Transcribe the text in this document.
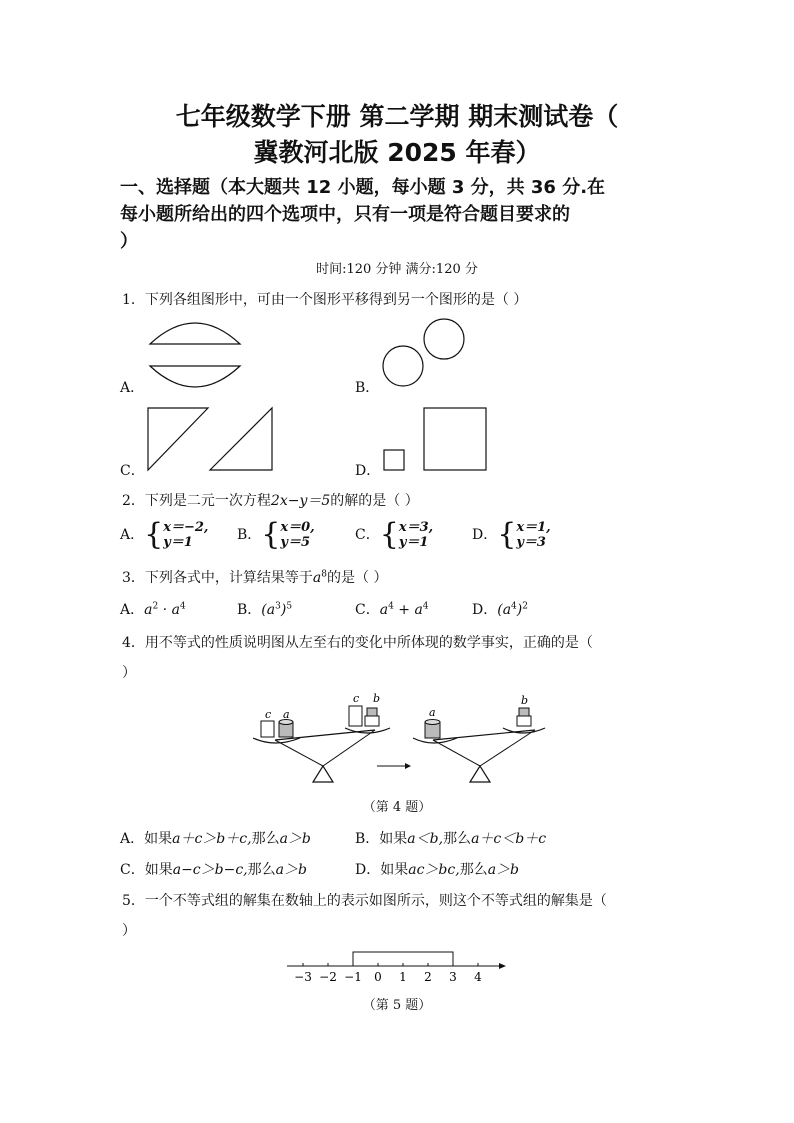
七年级数学下册 第二学期 期末测试卷（
冀教河北版 2025 年春）
一、选择题（本大题共 12 小题，每小题 3 分，共 36 分.在
每小题所给出的四个选项中，只有一项是符合题目要求的
）
时间:120 分钟 满分:120 分
1．下列各组图形中，可由一个图形平移得到另一个图形的是（ ）
A．	B．
C．	D．
2．下列是二元一次方程2x−y＝5的解的是（ ）
A．{x＝−2,
y＝1	B．{x＝0,
y＝5	C．{x＝3,
y＝1	D．{x＝1,
y＝3
3．下列各式中，计算结果等于$a^8$的是（ ）
A．$a^2 \cdot a^4$	B．$(a^3)^5$	C．$a^4 + a^4$	D．$(a^4)^2$
4．用不等式的性质说明图从左至右的变化中所体现的数学事实，正确的是（
）
c a
c b
a
b
（第 4 题）
A．如果a＋c＞b＋c,那么a＞b	B．如果a＜b,那么a＋c＜b＋c
C．如果a−c＞b−c,那么a＞b	D．如果ac＞bc,那么a＞b
5．一个不等式组的解集在数轴上的表示如图所示，则这个不等式组的解集是（
）
−3 −2 −1 0 1 2 3 4
（第 5 题）
